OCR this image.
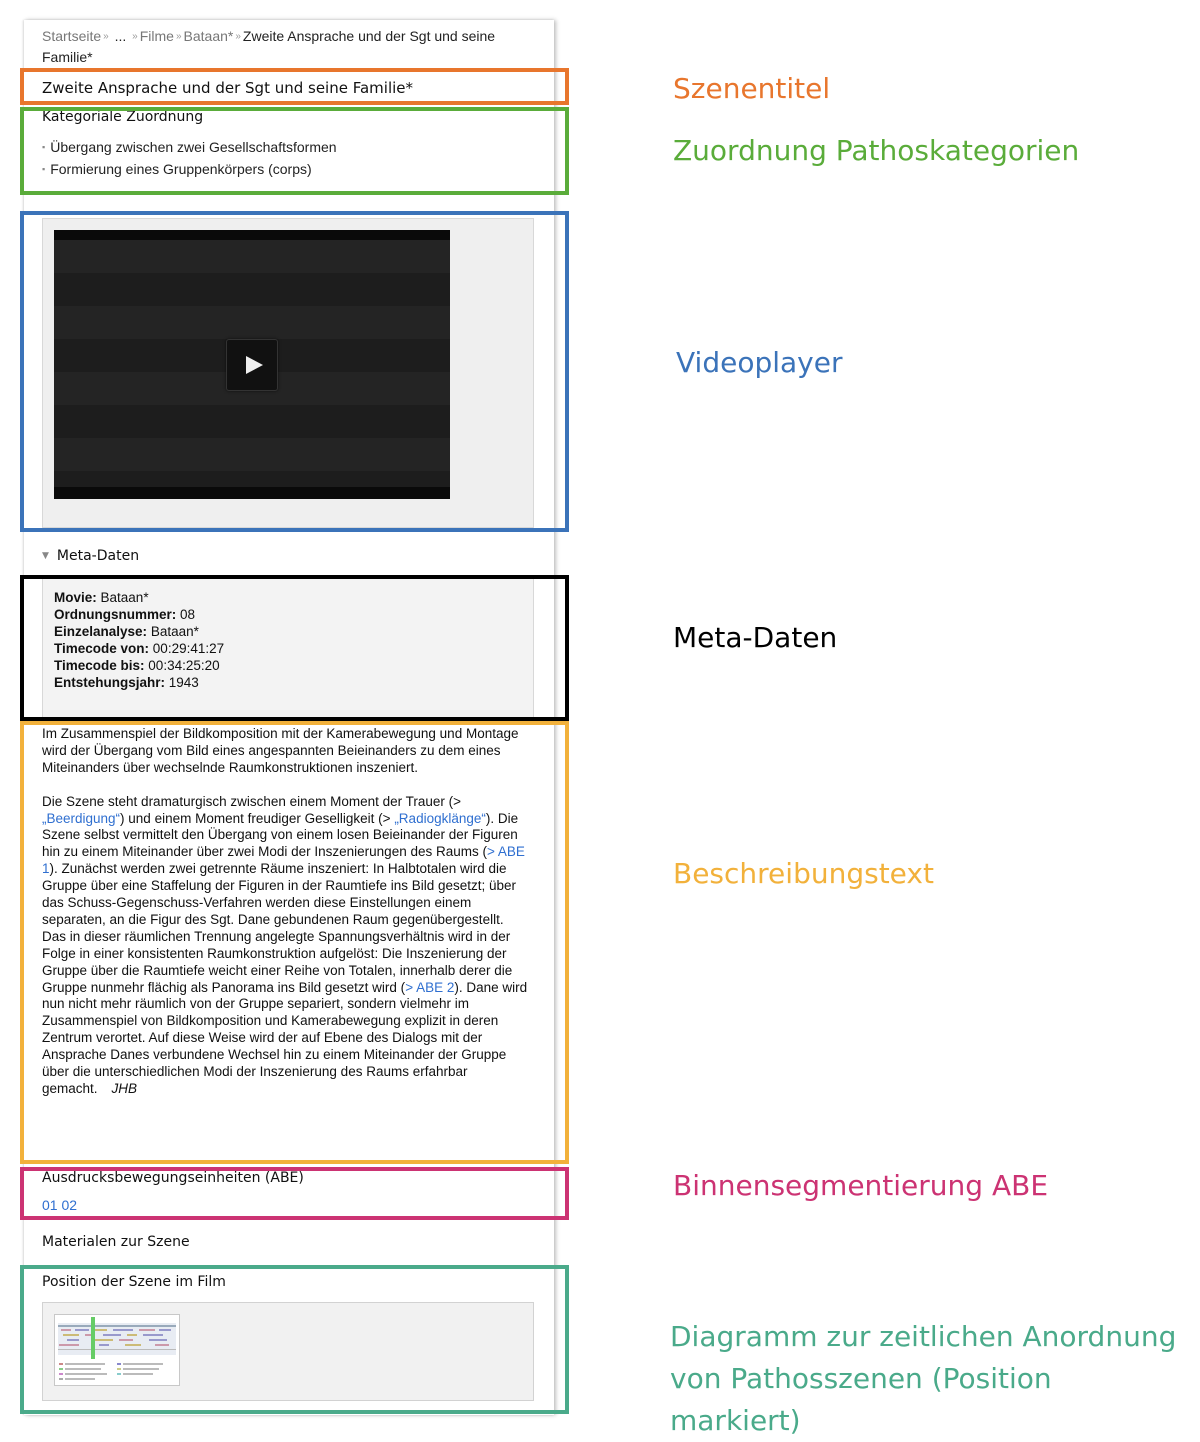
Startseite » ... » Filme » Bataan* » Zweite Ansprache und der Sgt und seine Familie*
Zweite Ansprache und der Sgt und seine Familie*
Kategoriale Zuordnung
▪ Übergang zwischen zwei Gesellschaftsformen
▪ Formierung eines Gruppenkörpers (corps)
▼ Meta-Daten
Movie: Bataan*
Ordnungsnummer: 08
Einzelanalyse: Bataan*
Timecode von: 00:29:41:27
Timecode bis: 00:34:25:20
Entstehungsjahr: 1943

Im Zusammenspiel der Bildkomposition mit der Kamerabewegung und Montage wird der Übergang vom Bild eines angespannten Beieinanders zu dem eines Miteinanders über wechselnde Raumkonstruktionen inszeniert.

Die Szene steht dramaturgisch zwischen einem Moment der Trauer (> „Beerdigung“) und einem Moment freudiger Geselligkeit (> „Radiogklänge“). Die Szene selbst vermittelt den Übergang von einem losen Beieinander der Figuren hin zu einem Miteinander über zwei Modi der Inszenierungen des Raums (> ABE 1). Zunächst werden zwei getrennte Räume inszeniert: In Halbtotalen wird die Gruppe über eine Staffelung der Figuren in der Raumtiefe ins Bild gesetzt; über das Schuss-Gegenschuss-Verfahren werden diese Einstellungen einem separaten, an die Figur des Sgt. Dane gebundenen Raum gegenübergestellt. Das in dieser räumlichen Trennung angelegte Spannungsverhältnis wird in der Folge in einer konsistenten Raumkonstruktion aufgelöst: Die Inszenierung der Gruppe über die Raumtiefe weicht einer Reihe von Totalen, innerhalb derer die Gruppe nunmehr flächig als Panorama ins Bild gesetzt wird (> ABE 2). Dane wird nun nicht mehr räumlich von der Gruppe separiert, sondern vielmehr im Zusammenspiel von Bildkomposition und Kamerabewegung explizit in deren Zentrum verortet. Auf diese Weise wird der auf Ebene des Dialogs mit der Ansprache Danes verbundene Wechsel hin zu einem Miteinander der Gruppe über die unterschiedlichen Modi der Inszenierung des Raums erfahrbar gemacht. JHB

Ausdrucksbewegungseinheiten (ABE)
01 02
Materialen zur Szene
Position der Szene im Film
Szenentitel
Zuordnung Pathoskategorien
Videoplayer
Meta-Daten
Beschreibungstext
Binnensegmentierung ABE
Diagramm zur zeitlichen Anordnung von Pathosszenen (Position markiert)
